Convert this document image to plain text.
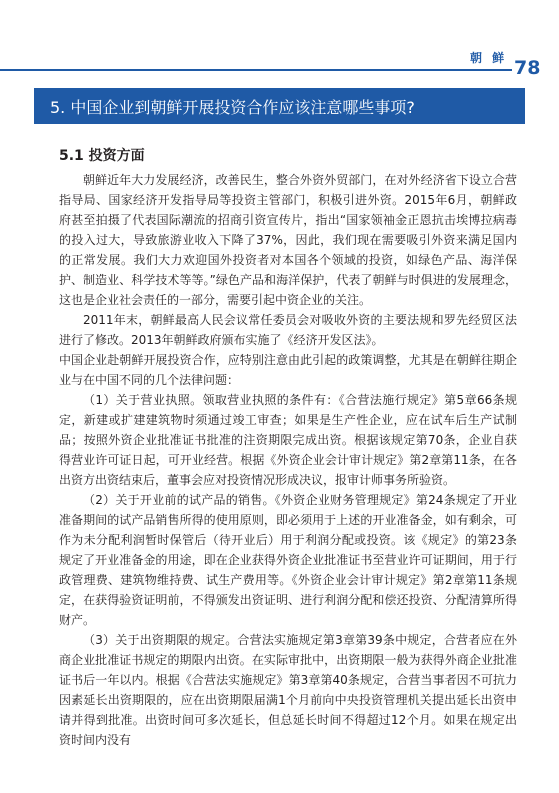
朝 鲜 78
5. 中国企业到朝鲜开展投资合作应该注意哪些事项?
5.1 投资方面

朝鲜近年大力发展经济，改善民生，整合外资外贸部门，在对外经济省下设立合营指导局、国家经济开发指导局等投资主管部门，积极引进外资。2015年6月，朝鲜政府甚至拍摄了代表国际潮流的招商引资宣传片，指出“国家领袖金正恩抗击埃博拉病毒的投入过大，导致旅游业收入下降了37%，因此，我们现在需要吸引外资来满足国内的正常发展。我们大力欢迎国外投资者对本国各个领域的投资，如绿色产品、海洋保护、制造业、科学技术等等。”绿色产品和海洋保护，代表了朝鲜与时俱进的发展理念，这也是企业社会责任的一部分，需要引起中资企业的关注。

2011年末，朝鲜最高人民会议常任委员会对吸收外资的主要法规和罗先经贸区法进行了修改。2013年朝鲜政府颁布实施了《经济开发区法》。

中国企业赴朝鲜开展投资合作，应特别注意由此引起的政策调整，尤其是在朝鲜往期企业与在中国不同的几个法律问题：

（1）关于营业执照。领取营业执照的条件有：《合营法施行规定》第5章66条规定，新建或扩建建筑物时须通过竣工审查；如果是生产性企业，应在试车后生产试制品；按照外资企业批准证书批准的注资期限完成出资。根据该规定第70条，企业自获得营业许可证日起，可开业经营。根据《外资企业会计审计规定》第2章第11条，在各出资方出资结束后，董事会应对投资情况形成决议，报审计师事务所验资。

（2）关于开业前的试产品的销售。《外资企业财务管理规定》第24条规定了开业准备期间的试产品销售所得的使用原则，即必须用于上述的开业准备金，如有剩余，可作为未分配利润暂时保管后（待开业后）用于利润分配或投资。该《规定》的第23条规定了开业准备金的用途，即在企业获得外资企业批准证书至营业许可证期间，用于行政管理费、建筑物维持费、试生产费用等。《外资企业会计审计规定》第2章第11条规定，在获得验资证明前，不得颁发出资证明、进行利润分配和偿还投资、分配清算所得财产。

（3）关于出资期限的规定。合营法实施规定第3章第39条中规定，合营者应在外商企业批准证书规定的期限内出资。在实际审批中，出资期限一般为获得外商企业批准证书后一年以内。根据《合营法实施规定》第3章第40条规定，合营当事者因不可抗力因素延长出资期限的，应在出资期限届满1个月前向中央投资管理机关提出延长出资申请并得到批准。出资时间可多次延长，但总延长时间不得超过12个月。如果在规定出资时间内没有
